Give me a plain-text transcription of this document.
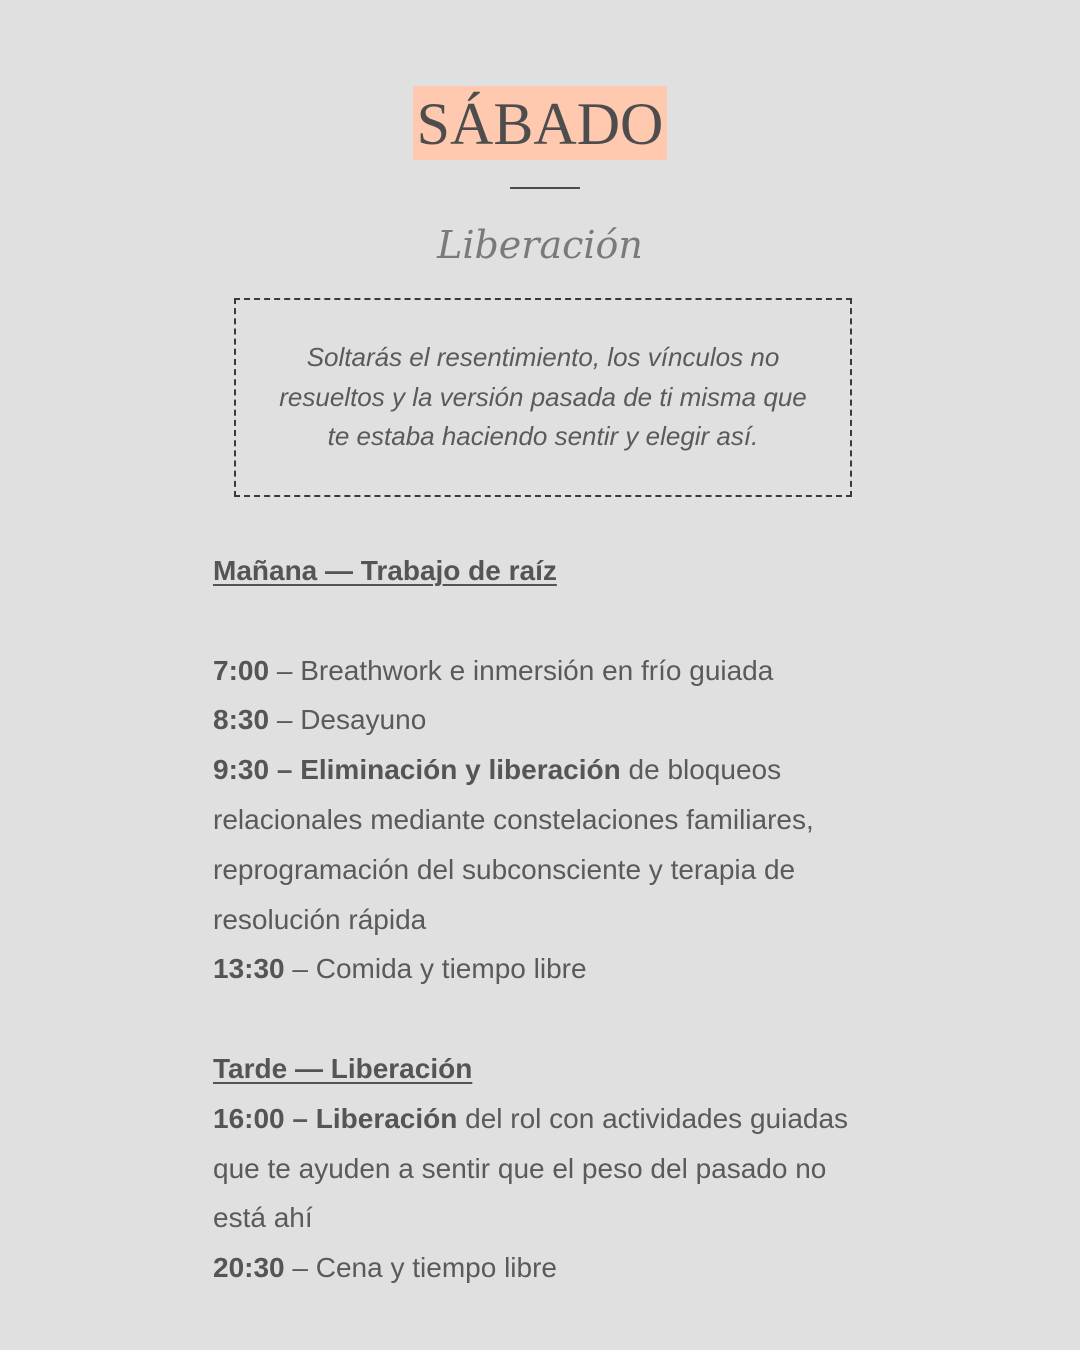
SÁBADO
Liberación
Soltarás el resentimiento, los vínculos no resueltos y la versión pasada de ti misma que te estaba haciendo sentir y elegir así.
Mañana — Trabajo de raíz
7:00 – Breathwork e inmersión en frío guiada
8:30 – Desayuno
9:30 – Eliminación y liberación de bloqueos relacionales mediante constelaciones familiares, reprogramación del subconsciente y terapia de resolución rápida
13:30 – Comida y tiempo libre
Tarde — Liberación
16:00 – Liberación del rol con actividades guiadas que te ayuden a sentir que el peso del pasado no está ahí
20:30 – Cena y tiempo libre
